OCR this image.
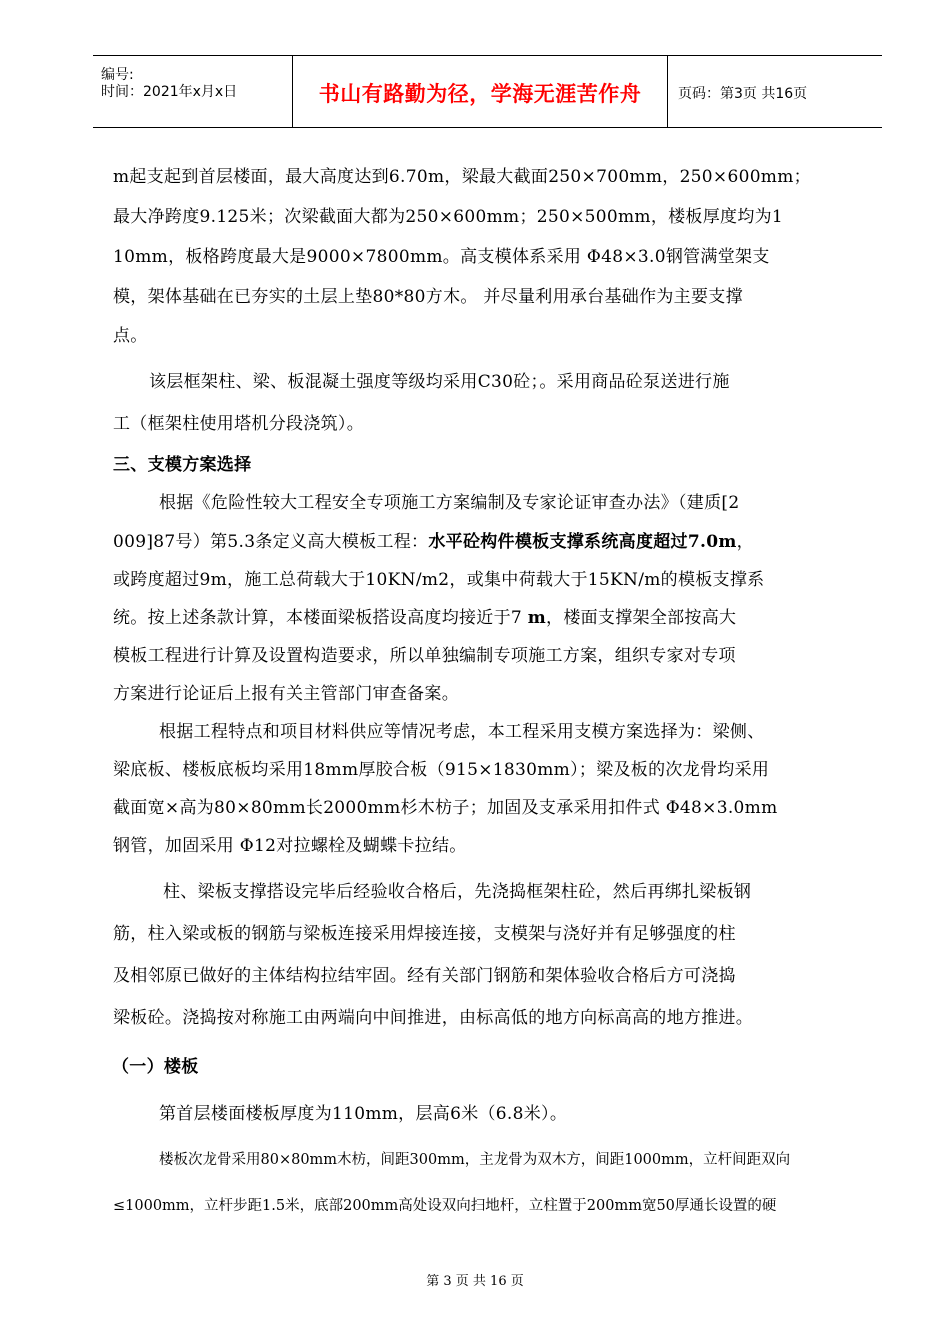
编号:
时间：2021年x月x日	书山有路勤为径，学海无涯苦作舟	页码：第3页 共16页
m起支起到首层楼面，最大高度达到6.70m，梁最大截面250×700mm，250×600mm；
最大净跨度9.125米；次梁截面大都为250×600mm；250×500mm，楼板厚度均为1
10mm，板格跨度最大是9000×7800mm。高支模体系采用 Φ48×3.0钢管满堂架支
模，架体基础在已夯实的土层上垫80*80方木。 并尽量利用承台基础作为主要支撑
点。
该层框架柱、梁、板混凝土强度等级均采用C30砼；。采用商品砼泵送进行施
工（框架柱使用塔机分段浇筑）。
三、支模方案选择
根据《危险性较大工程安全专项施工方案编制及专家论证审查办法》（建质[2
009]87号）第5.3条定义高大模板工程：水平砼构件模板支撑系统高度超过7.0m，
或跨度超过9m，施工总荷载大于10KN/m2，或集中荷载大于15KN/m的模板支撑系
统。按上述条款计算，本楼面梁板搭设高度均接近于7 m，楼面支撑架全部按高大
模板工程进行计算及设置构造要求，所以单独编制专项施工方案，组织专家对专项
方案进行论证后上报有关主管部门审查备案。
根据工程特点和项目材料供应等情况考虑，本工程采用支模方案选择为：梁侧、
梁底板、楼板底板均采用18mm厚胶合板（915×1830mm）；梁及板的次龙骨均采用
截面宽×高为80×80mm长2000mm杉木枋子；加固及支承采用扣件式 Φ48×3.0mm
钢管，加固采用 Φ12对拉螺栓及蝴蝶卡拉结。
柱、梁板支撑搭设完毕后经验收合格后，先浇捣框架柱砼，然后再绑扎梁板钢
筋，柱入梁或板的钢筋与梁板连接采用焊接连接，支模架与浇好并有足够强度的柱
及相邻原已做好的主体结构拉结牢固。经有关部门钢筋和架体验收合格后方可浇捣
梁板砼。浇捣按对称施工由两端向中间推进，由标高低的地方向标高高的地方推进。
（一）楼板
第首层楼面楼板厚度为110mm，层高6米（6.8米）。
楼板次龙骨采用80×80mm木枋，间距300mm，主龙骨为双木方，间距1000mm，立杆间距双向
≤1000mm，立杆步距1.5米，底部200mm高处设双向扫地杆，立柱置于200mm宽50厚通长设置的硬
第 3 页 共 16 页
